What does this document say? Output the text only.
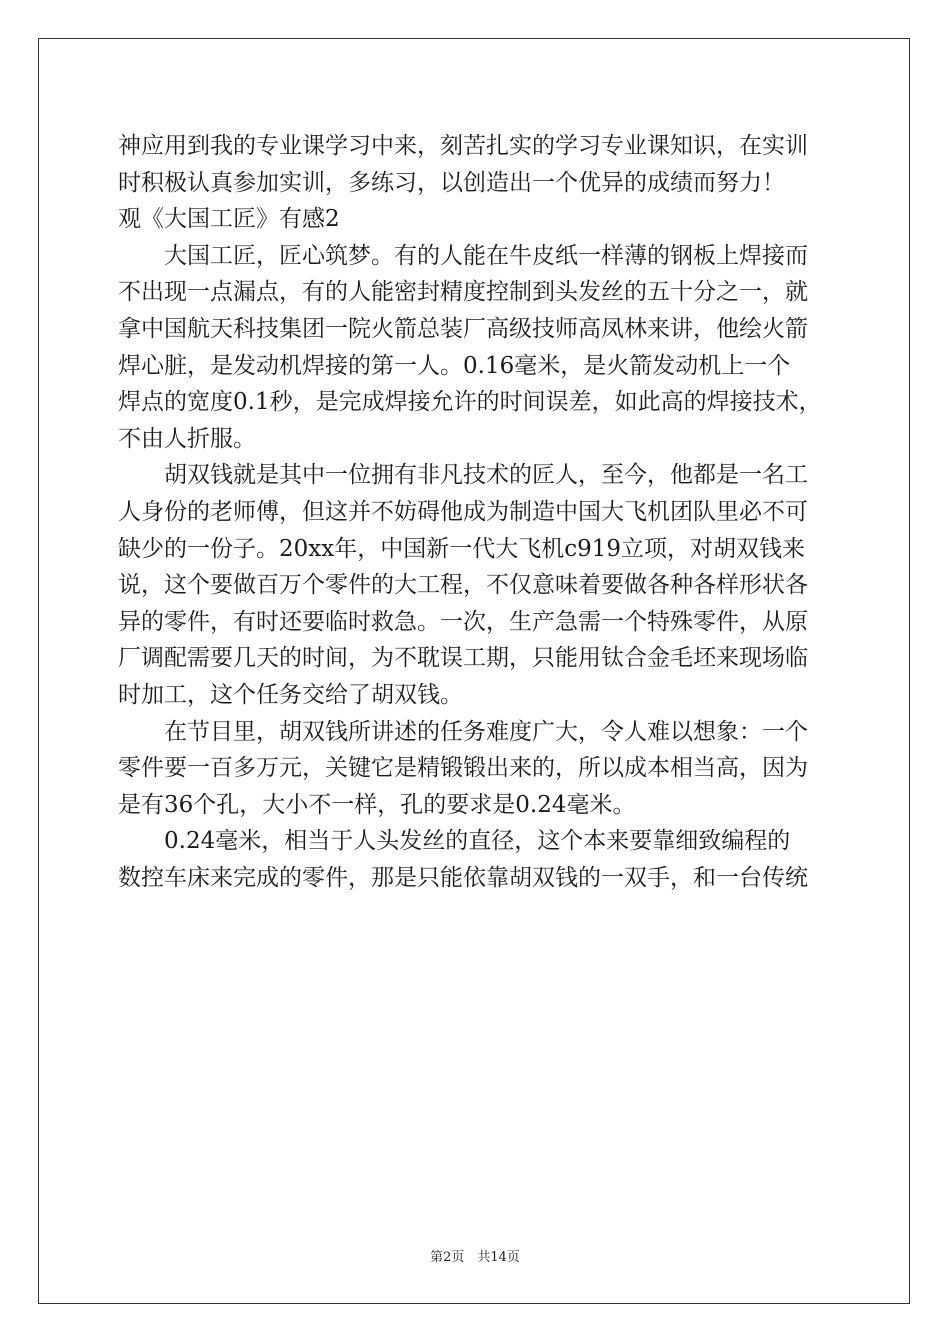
神应用到我的专业课学习中来，刻苦扎实的学习专业课知识，在实训
时积极认真参加实训，多练习，以创造出一个优异的成绩而努力！
观《大国工匠》有感2
　　大国工匠，匠心筑梦。有的人能在牛皮纸一样薄的钢板上焊接而
不出现一点漏点，有的人能密封精度控制到头发丝的五十分之一，就
拿中国航天科技集团一院火箭总装厂高级技师高凤林来讲，他绘火箭
焊心脏，是发动机焊接的第一人。0.16毫米，是火箭发动机上一个
焊点的宽度0.1秒，是完成焊接允许的时间误差，如此高的焊接技术，
不由人折服。
　　胡双钱就是其中一位拥有非凡技术的匠人，至今，他都是一名工
人身份的老师傅，但这并不妨碍他成为制造中国大飞机团队里必不可
缺少的一份子。20xx年，中国新一代大飞机c919立项，对胡双钱来
说，这个要做百万个零件的大工程，不仅意味着要做各种各样形状各
异的零件，有时还要临时救急。一次，生产急需一个特殊零件，从原
厂调配需要几天的时间，为不耽误工期，只能用钛合金毛坯来现场临
时加工，这个任务交给了胡双钱。
　　在节目里，胡双钱所讲述的任务难度广大，令人难以想象：一个
零件要一百多万元，关键它是精锻锻出来的，所以成本相当高，因为
是有36个孔，大小不一样，孔的要求是0.24毫米。
　　0.24毫米，相当于人头发丝的直径，这个本来要靠细致编程的
数控车床来完成的零件，那是只能依靠胡双钱的一双手，和一台传统
第2页　共14页
